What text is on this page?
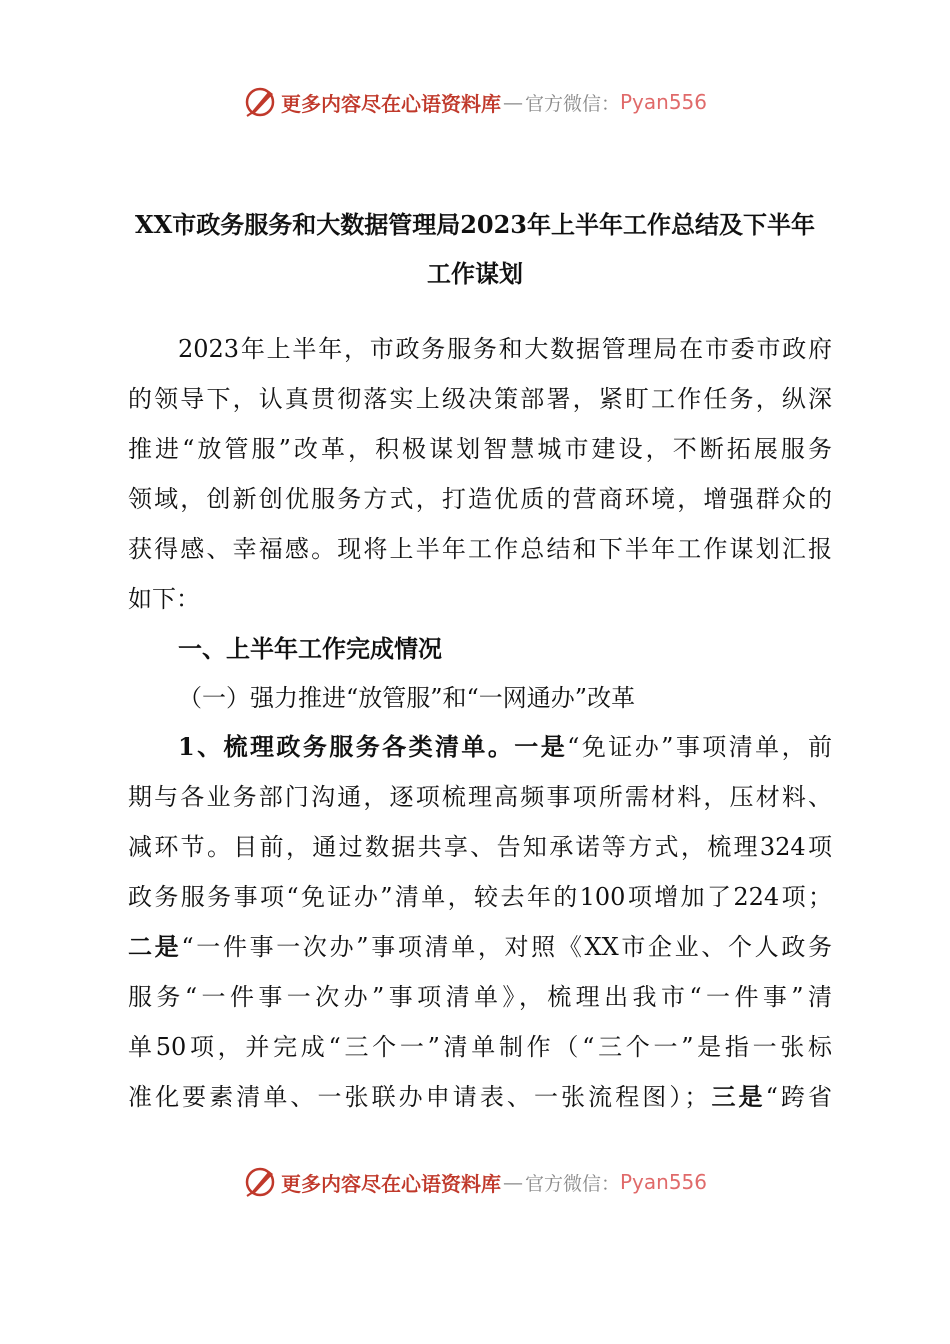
更多内容尽在心语资料库 — 官方微信： Pyan556
XX市政务服务和大数据管理局2023年上半年工作总结及下半年
工作谋划
2023年上半年，市政务服务和大数据管理局在市委市政府
的领导下，认真贯彻落实上级决策部署，紧盯工作任务，纵深
推进“放管服”改革，积极谋划智慧城市建设，不断拓展服务
领域，创新创优服务方式，打造优质的营商环境，增强群众的
获得感、幸福感。现将上半年工作总结和下半年工作谋划汇报
如下：
一、上半年工作完成情况
（一）强力推进“放管服”和“一网通办”改革
1、梳理政务服务各类清单。一是“免证办”事项清单，前
期与各业务部门沟通，逐项梳理高频事项所需材料，压材料、
减环节。目前，通过数据共享、告知承诺等方式，梳理324项
政务服务事项“免证办”清单，较去年的100项增加了224项；
二是“一件事一次办”事项清单，对照《XX市企业、个人政务
服务“一件事一次办”事项清单》，梳理出我市“一件事”清
单50项，并完成“三个一”清单制作（“三个一”是指一张标
准化要素清单、一张联办申请表、一张流程图）；三是“跨省
更多内容尽在心语资料库 — 官方微信： Pyan556
